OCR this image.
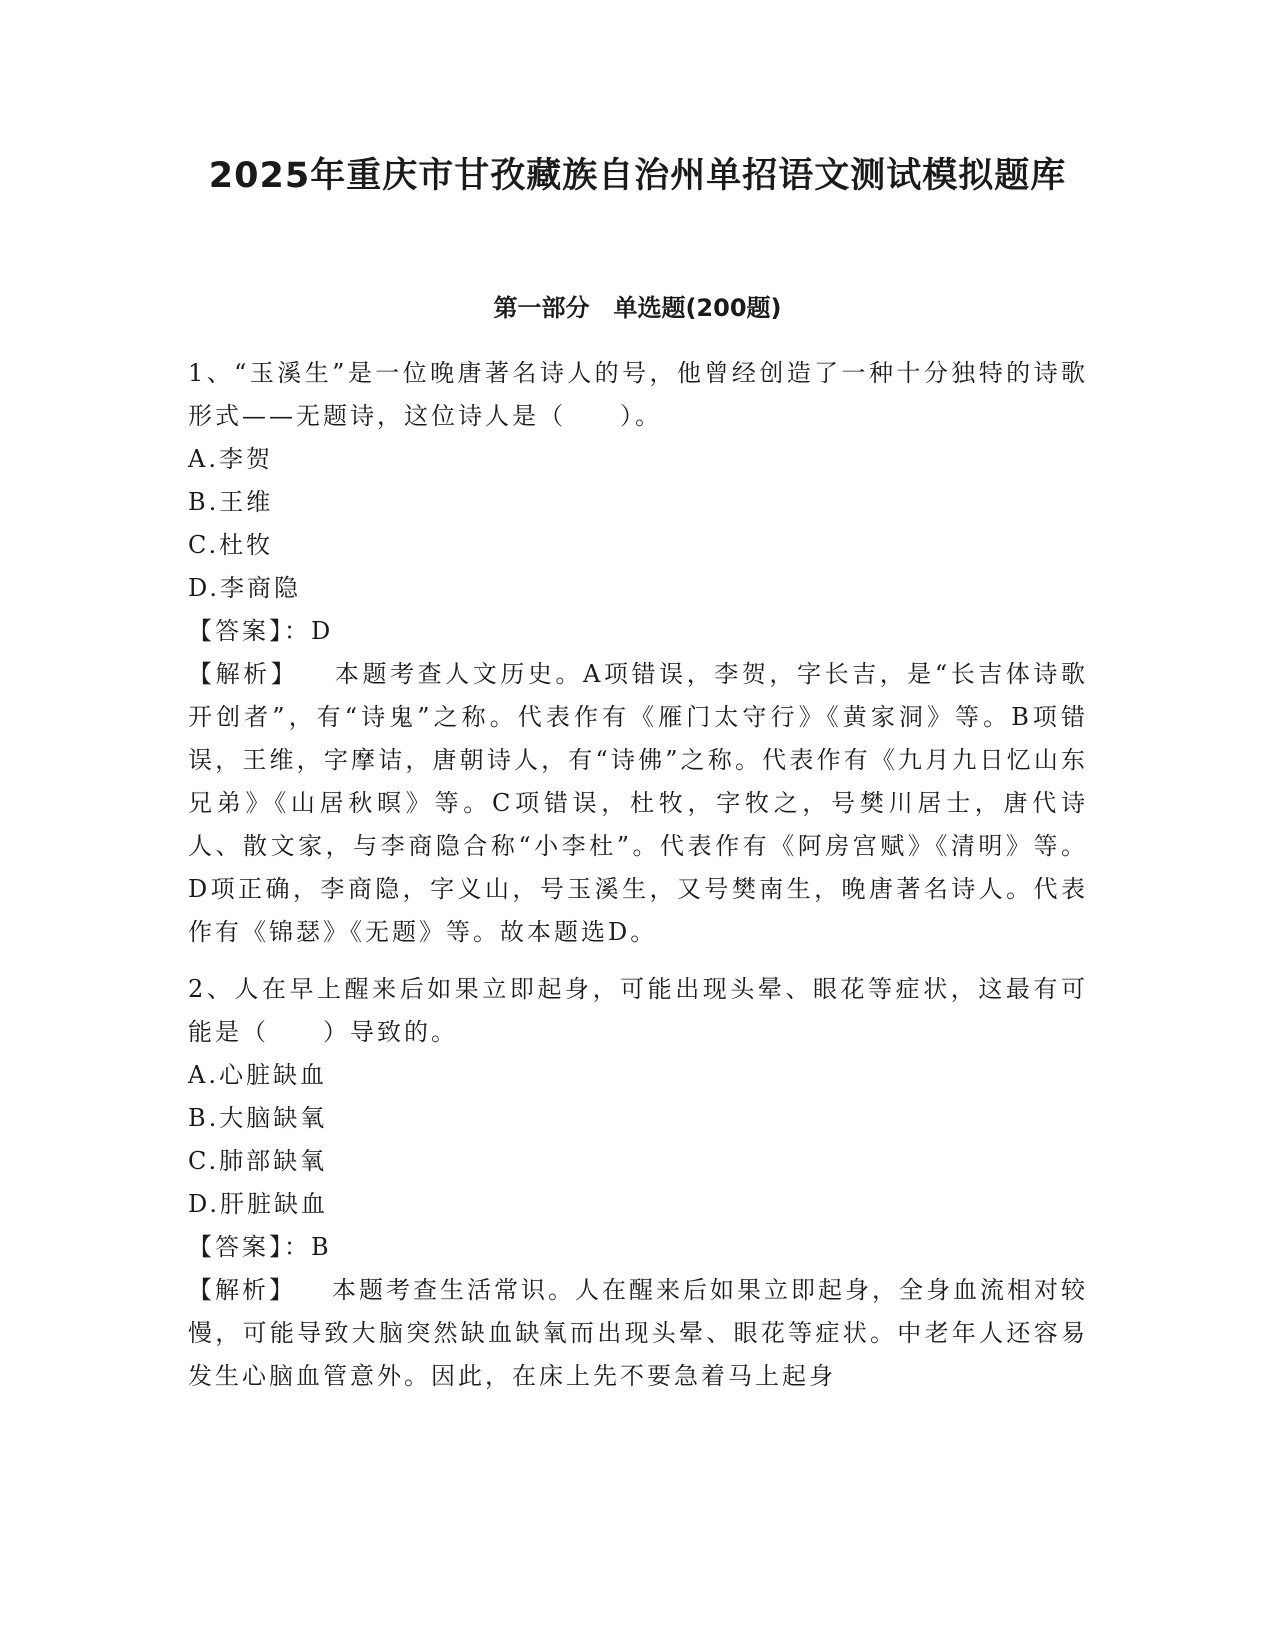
2025年重庆市甘孜藏族自治州单招语文测试模拟题库
第一部分　单选题(200题)

1、“玉溪生”是一位晚唐著名诗人的号，他曾经创造了一种十分独特的诗歌形式——无题诗，这位诗人是（　　）。

A.李贺

B.王维

C.杜牧

D.李商隐

【答案】：D

【解析】 本题考查人文历史。A项错误，李贺，字长吉，是“长吉体诗歌开创者”，有“诗鬼”之称。代表作有《雁门太守行》《黄家洞》等。B项错误，王维，字摩诘，唐朝诗人，有“诗佛”之称。代表作有《九月九日忆山东兄弟》《山居秋暝》等。C项错误，杜牧，字牧之，号樊川居士，唐代诗人、散文家，与李商隐合称“小李杜”。代表作有《阿房宫赋》《清明》等。D项正确，李商隐，字义山，号玉溪生，又号樊南生，晚唐著名诗人。代表作有《锦瑟》《无题》等。故本题选D。

2、人在早上醒来后如果立即起身，可能出现头晕、眼花等症状，这最有可能是（　　）导致的。

A.心脏缺血

B.大脑缺氧

C.肺部缺氧

D.肝脏缺血

【答案】：B

【解析】 本题考查生活常识。人在醒来后如果立即起身，全身血流相对较慢，可能导致大脑突然缺血缺氧而出现头晕、眼花等症状。中老年人还容易发生心脑血管意外。因此，在床上先不要急着马上起身
